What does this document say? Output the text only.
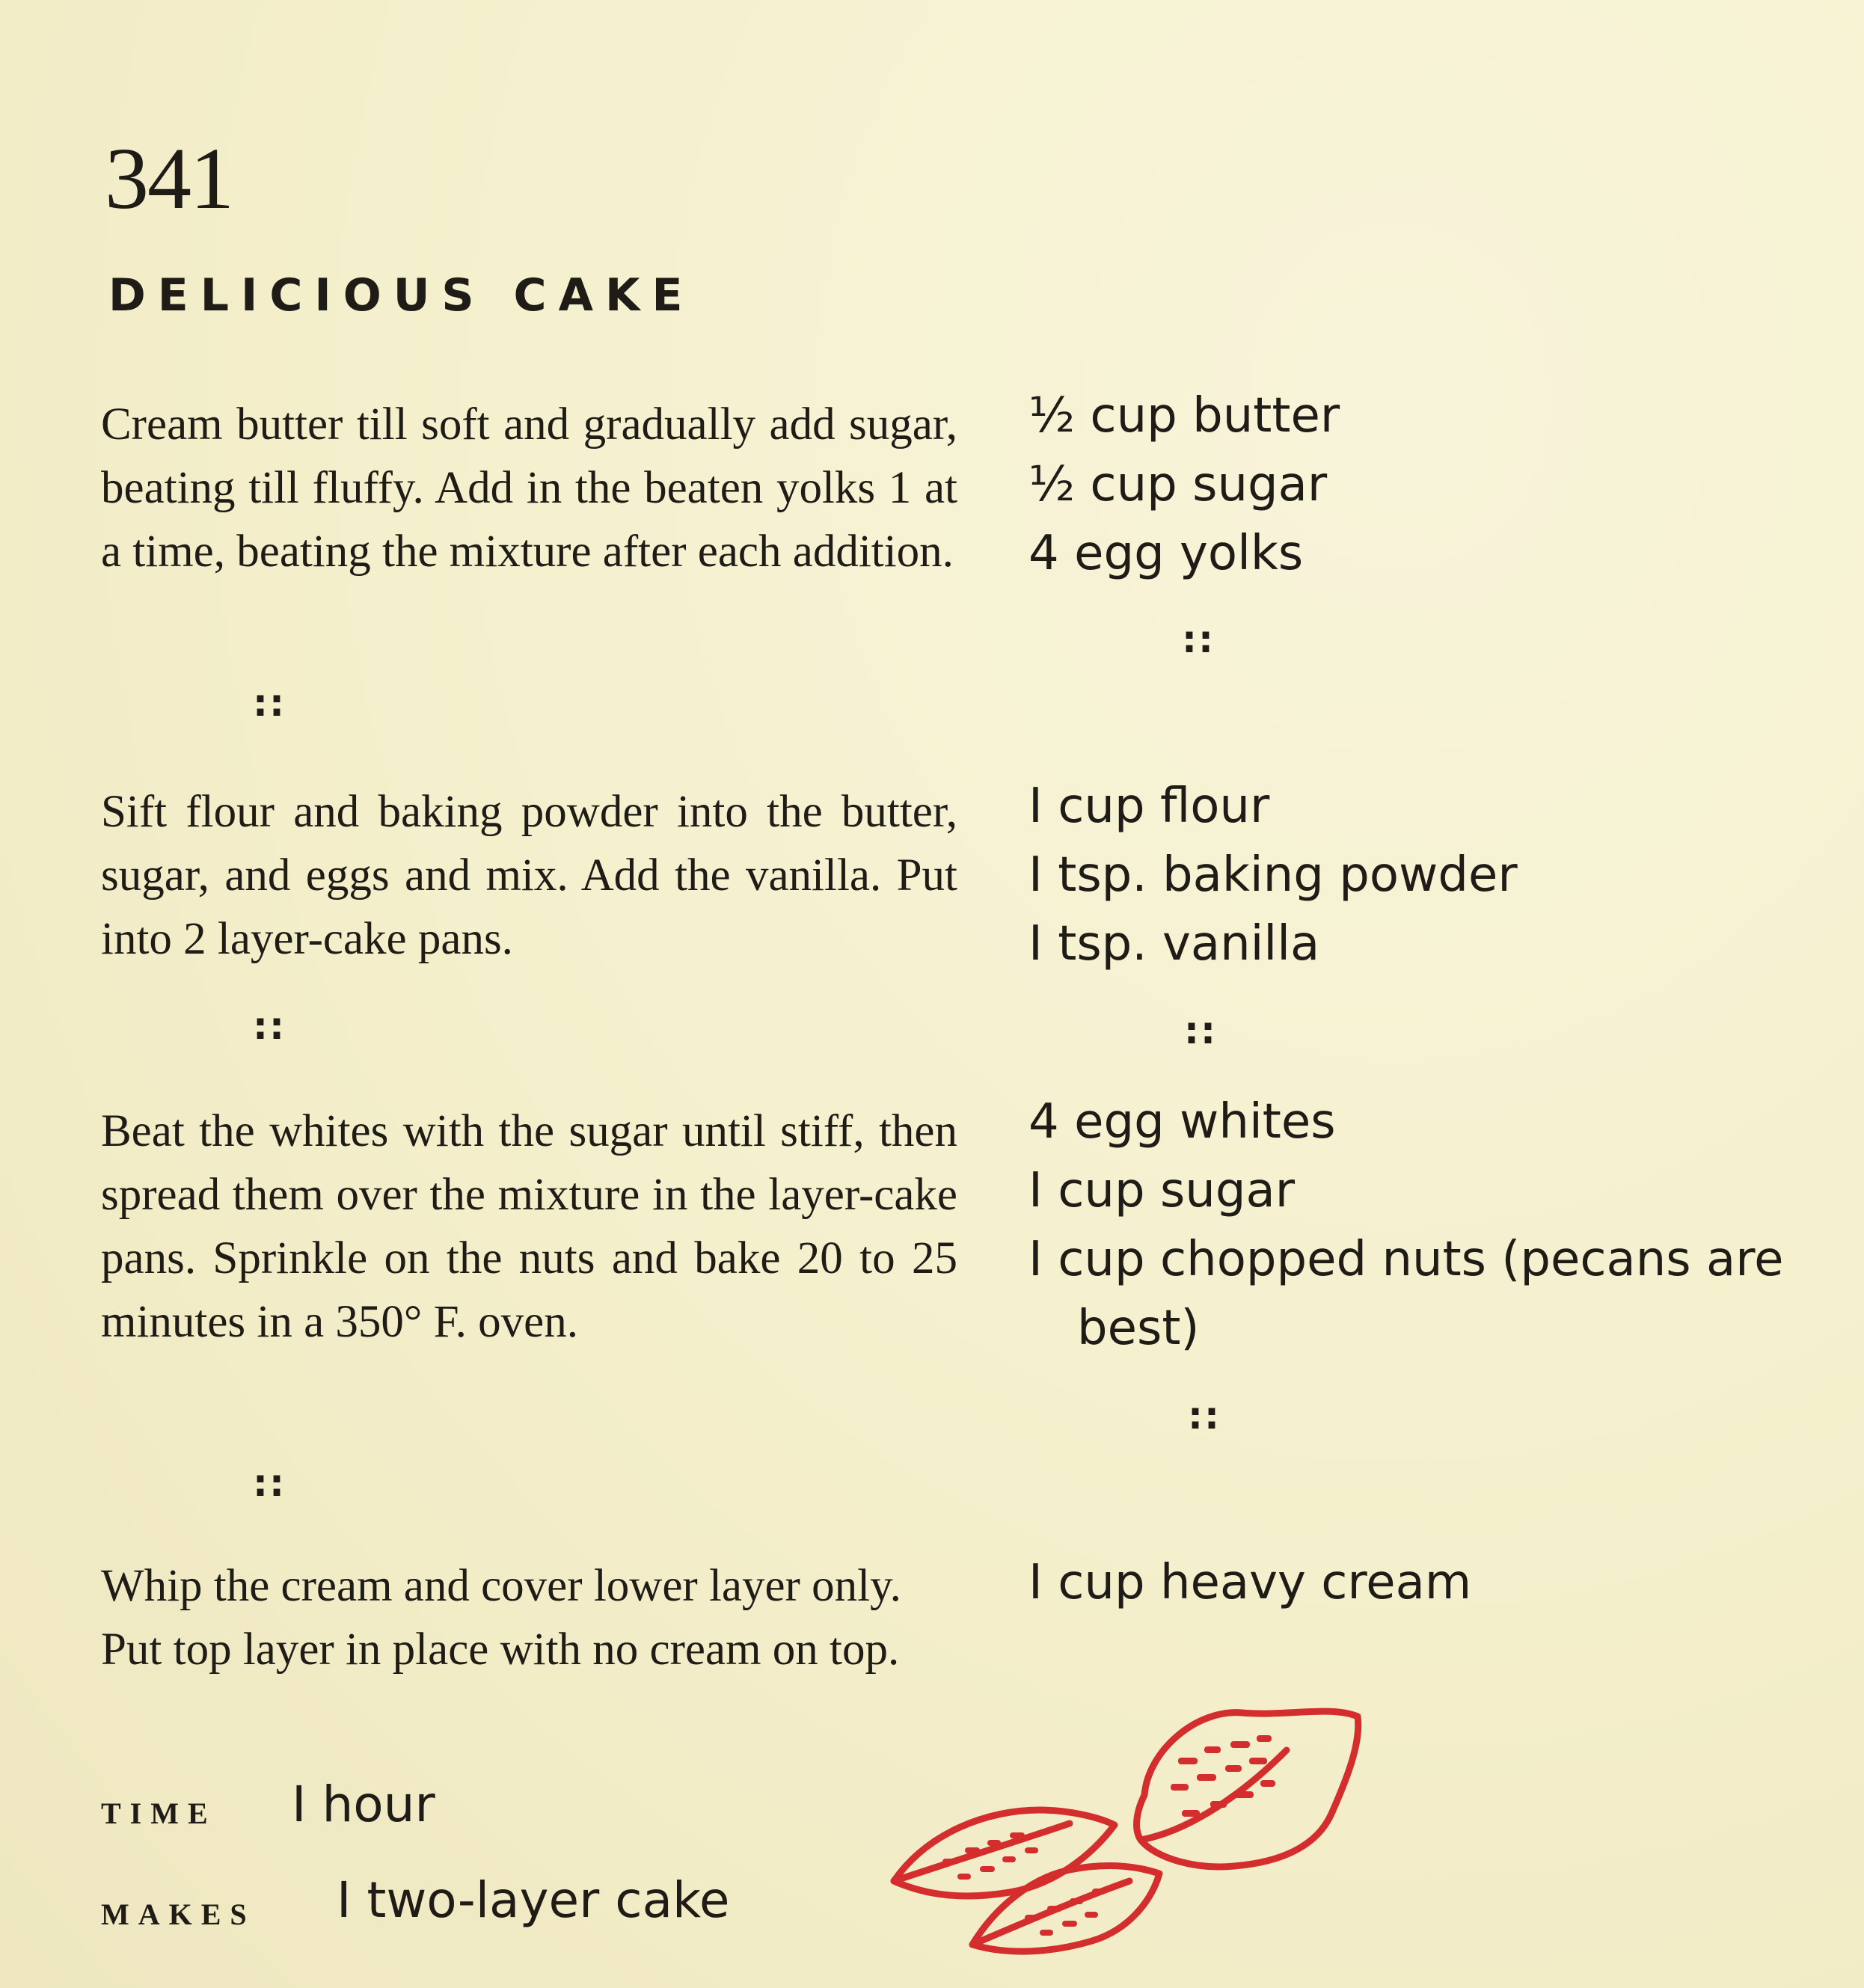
341
DELICIOUS CAKE
Cream butter till soft and gradually add sugar, beating till fluffy. Add in the beaten yolks 1 at a time, beating the mixture after each addition.
½ cup butter
½ cup sugar
4 egg yolks
::
::
Sift flour and baking powder into the butter, sugar, and eggs and mix. Add the vanilla. Put into 2 layer-cake pans.
I cup flour
I tsp. baking powder
I tsp. vanilla
::
::
Beat the whites with the sugar until stiff, then spread them over the mixture in the layer-cake pans. Sprinkle on the nuts and bake 20 to 25 minutes in a 350° F. oven.
4 egg whites
I cup sugar
I cup chopped nuts (pecans are best)
::
::
Whip the cream and cover lower layer only. Put top layer in place with no cream on top.
I cup heavy cream
TIME I hour
MAKES I two-layer cake
